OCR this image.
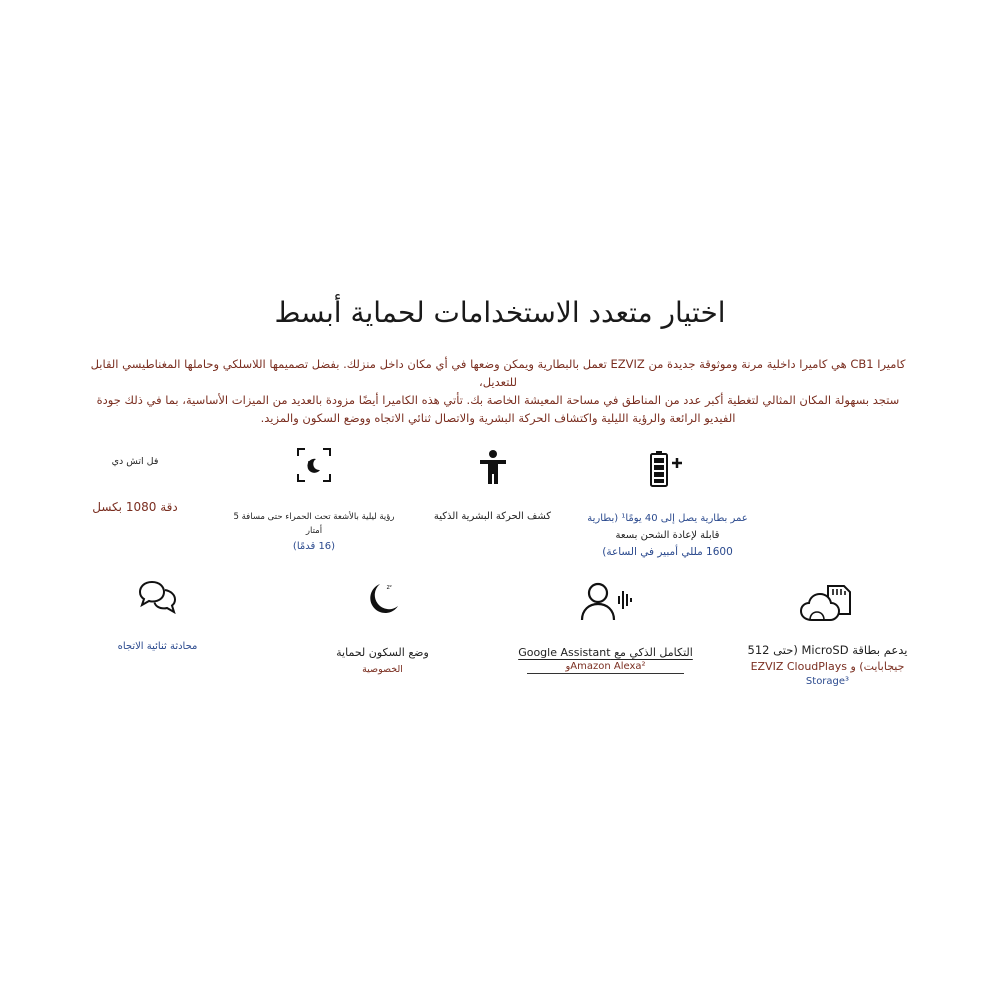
اختيار متعدد الاستخدامات لحماية أبسط
كاميرا CB1 هي كاميرا داخلية مرنة وموثوقة جديدة من EZVIZ تعمل بالبطارية ويمكن وضعها في أي مكان داخل منزلك. بفضل تصميمها اللاسلكي وحاملها المغناطيسي القابل للتعديل،
ستجد بسهولة المكان المثالي لتغطية أكبر عدد من المناطق في مساحة المعيشة الخاصة بك. تأتي هذه الكاميرا أيضًا مزودة بالعديد من الميزات الأساسية، بما في ذلك جودة
الفيديو الرائعة والرؤية الليلية واكتشاف الحركة البشرية والاتصال ثنائي الاتجاه ووضع السكون والمزيد.
فل اتش دي
دقة 1080 بكسل
رؤية ليلية بالأشعة تحت الحمراء حتى مسافة 5 أمتار
(16 قدمًا)
كشف الحركة البشرية الذكية	عمر بطارية يصل إلى 40 يومًا¹ (بطارية
قابلة لإعادة الشحن بسعة
1600 مللي أمبير في الساعة)
محادثة ثنائية الاتجاه
zᶻ
وضع السكون لحماية
الخصوصية
التكامل الذكي مع Google Assistant
Amazon Alexa²و
يدعم بطاقة MicroSD (حتى 512
جيجابايت) و EZVIZ CloudPlays
Storage³
